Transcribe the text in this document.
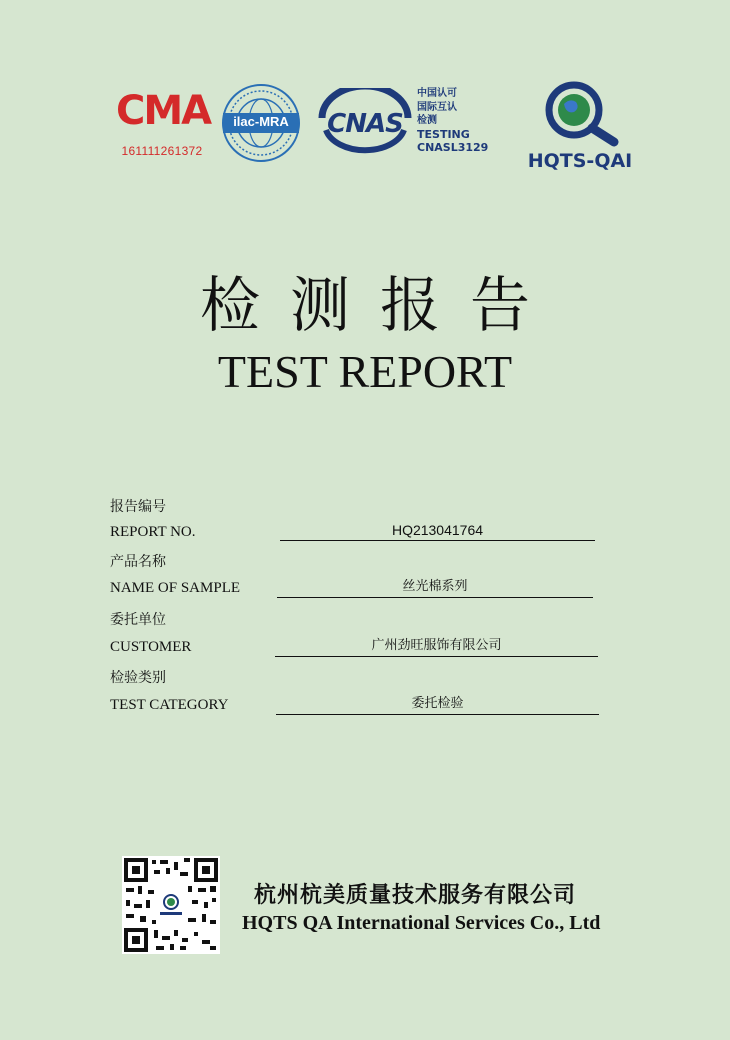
CMA
161111261372
ilac-MRA	CNAS
中国认可
国际互认
检测
TESTING
CNASL3129
HQTS-QAI
检测报告
TEST REPORT
报告编号
REPORT NO.	HQ213041764
产品名称
NAME OF SAMPLE	丝光棉系列
委托单位
CUSTOMER	广州劲旺服饰有限公司
检验类别
TEST CATEGORY	委托检验
杭州杭美质量技术服务有限公司
HQTS QA International Services Co., Ltd
